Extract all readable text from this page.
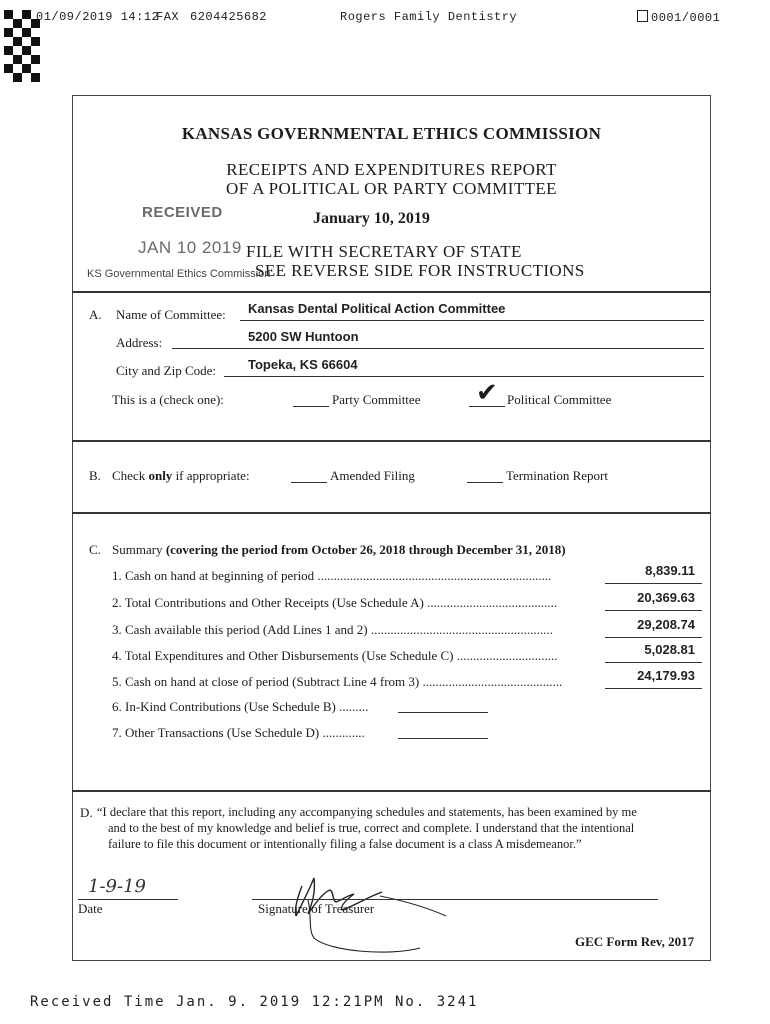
01/09/2019 14:12
FAX 6204425682	Rogers Family Dentistry	0001/0001
KANSAS GOVERNMENTAL ETHICS COMMISSION
RECEIPTS AND EXPENDITURES REPORT
OF A POLITICAL OR PARTY COMMITTEE
RECEIVED	January 10, 2019
JAN 10 2019 FILE WITH SECRETARY OF STATE
KS Governmental Ethics Commission
SEE REVERSE SIDE FOR INSTRUCTIONS
A. Name of Committee: Kansas Dental Political Action Committee
Address:	5200 SW Huntoon
City and Zip Code: Topeka, KS 66604
This is a (check one):	Party Committee ✔ Political Committee
B. Check only if appropriate:	Amended Filing	Termination Report
C. Summary (covering the period from October 26, 2018 through December 31, 2018)
1. Cash on hand at beginning of period ........................................................................	8,839.11
2. Total Contributions and Other Receipts (Use Schedule A) ........................................	20,369.63
3. Cash available this period (Add Lines 1 and 2) ........................................................	29,208.74
4. Total Expenditures and Other Disbursements (Use Schedule C) ...............................	5,028.81
5. Cash on hand at close of period (Subtract Line 4 from 3) ...........................................	24,179.93
6. In-Kind Contributions (Use Schedule B) .........
7. Other Transactions (Use Schedule D) .............
D. “I declare that this report, including any accompanying schedules and statements, has been examined by me
and to the best of my knowledge and belief is true, correct and complete. I understand that the intentional
failure to file this document or intentionally filing a false document is a class A misdemeanor.”
1-9-19
Date	Signature of Treasurer
GEC Form Rev, 2017
Received Time Jan. 9. 2019 12:21PM No. 3241
